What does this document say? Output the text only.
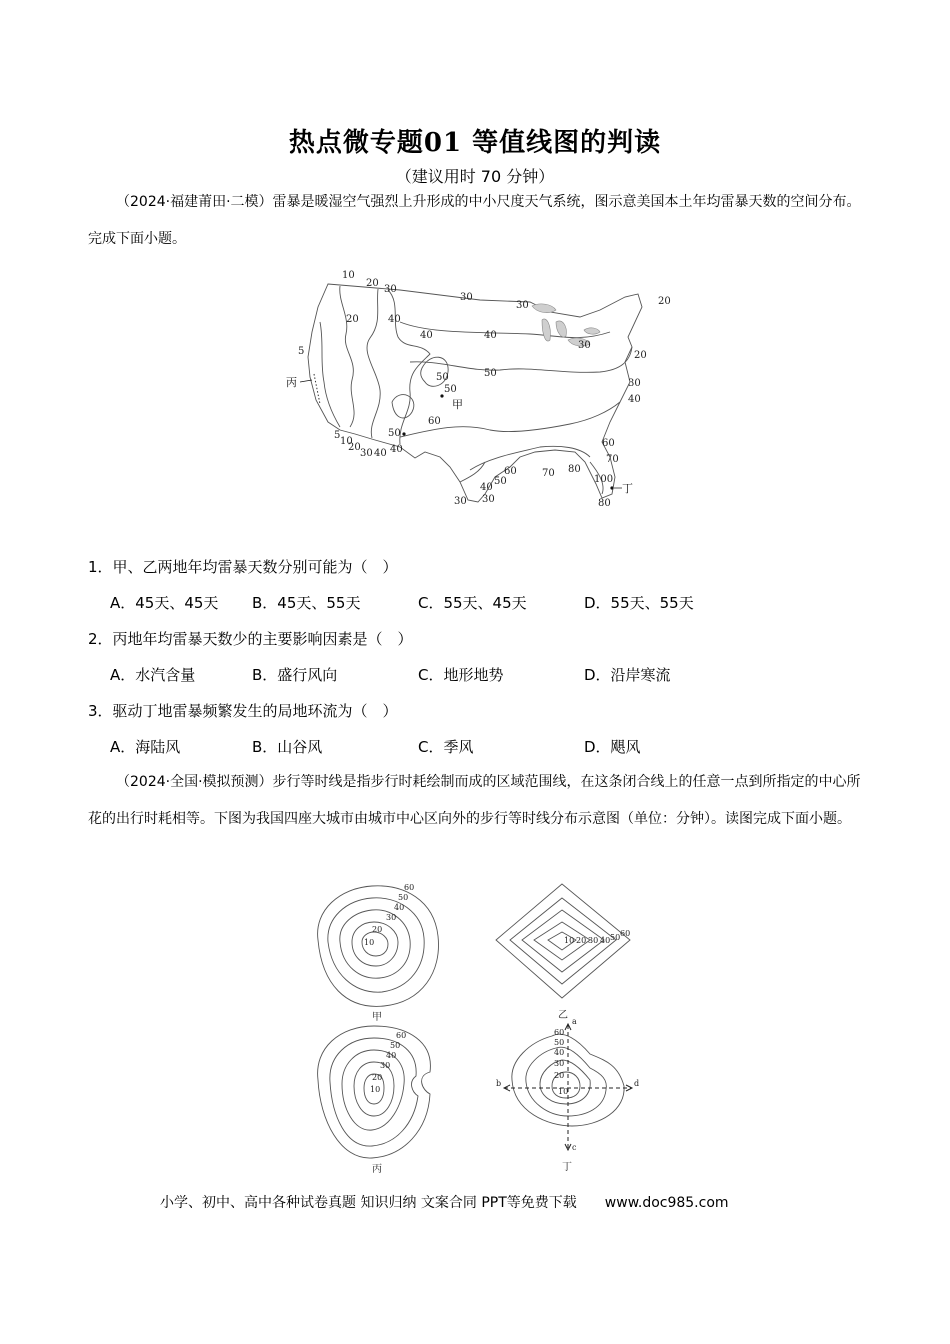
热点微专题01 等值线图的判读
（建议用时 70 分钟）
（2024·福建莆田·二模）雷暴是暖湿空气强烈上升形成的中小尺度天气系统，图示意美国本土年均雷暴天数的空间分布。完成下面小题。
10
20
30
30
30	20
20	40
40	40
5
50
50
50
60
50
20
30
30
40
5
10
20
30 40 40
60
70
80
100
80
60	70
50
40
30
30
甲
丙
丁
1．甲、乙两地年均雷暴天数分别可能为（　）
A．45天、45天 B．45天、55天	C．55天、45天	D．55天、55天
2．丙地年均雷暴天数少的主要影响因素是（　）
A．水汽含量	B．盛行风向	C．地形地势	D．沿岸寒流
3．驱动丁地雷暴频繁发生的局地环流为（　）
A．海陆风	B．山谷风	C．季风	D．飓风
（2024·全国·模拟预测）步行等时线是指步行时耗绘制而成的区域范围线，在这条闭合线上的任意一点到所指定的中心所花的出行时耗相等。下图为我国四座大城市由城市中心区向外的步行等时线分布示意图（单位：分钟）。读图完成下面小题。
10
20
30
40
50
60
10 20 30 40 50 60
10
20
30
40
50
60
10
20
30
40
50
60
a
b
c
d
甲	乙
丙	丁
小学、初中、高中各种试卷真题 知识归纳 文案合同 PPT等免费下载 www.doc985.com
